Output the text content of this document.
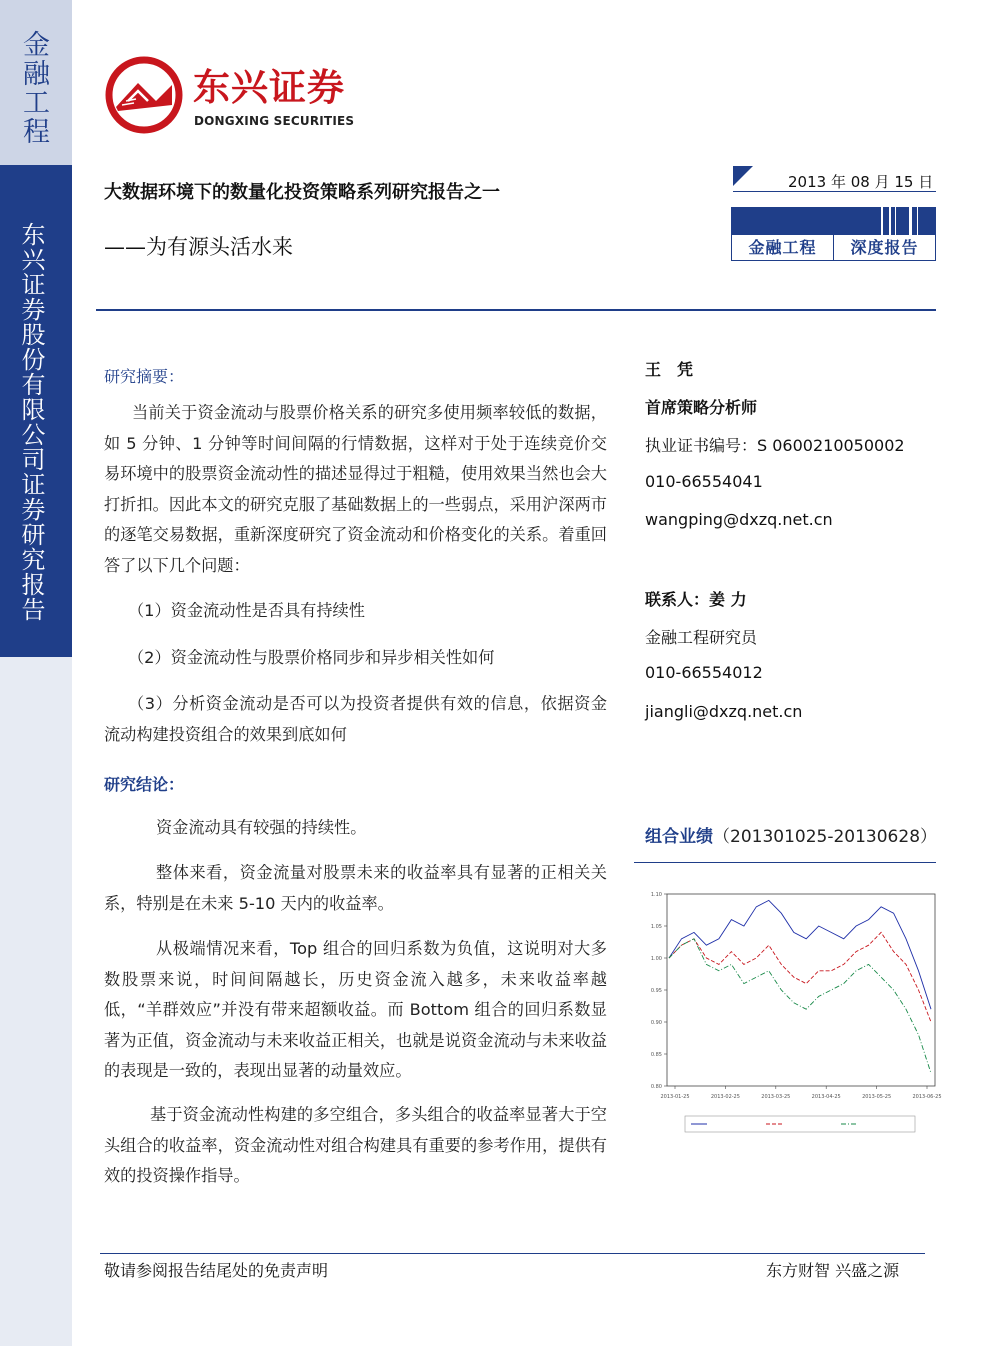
金融工程
东兴证券股份有限公司证券研究报告
东兴证券
DONGXING SECURITIES
大数据环境下的数量化投资策略系列研究报告之一
——为有源头活水来
2013 年 08 月 15 日
金融工程	深度报告
研究摘要：
当前关于资金流动与股票价格关系的研究多使用频率较低的数据，如 5 分钟、1 分钟等时间间隔的行情数据，这样对于处于连续竞价交易环境中的股票资金流动性的描述显得过于粗糙，使用效果当然也会大打折扣。因此本文的研究克服了基础数据上的一些弱点，采用沪深两市的逐笔交易数据，重新深度研究了资金流动和价格变化的关系。着重回答了以下几个问题：
（1）资金流动性是否具有持续性
（2）资金流动性与股票价格同步和异步相关性如何
（3）分析资金流动是否可以为投资者提供有效的信息，依据资金流动构建投资组合的效果到底如何
研究结论：
资金流动具有较强的持续性。
整体来看，资金流量对股票未来的收益率具有显著的正相关关系，特别是在未来 5-10 天内的收益率。
从极端情况来看，Top 组合的回归系数为负值，这说明对大多数股票来说，时间间隔越长，历史资金流入越多，未来收益率越低，“羊群效应”并没有带来超额收益。而 Bottom 组合的回归系数显著为正值，资金流动与未来收益正相关，也就是说资金流动与未来收益的表现是一致的，表现出显著的动量效应。
基于资金流动性构建的多空组合，多头组合的收益率显著大于空头组合的收益率，资金流动性对组合构建具有重要的参考作用，提供有效的投资操作指导。
王　凭
首席策略分析师
执业证书编号：S 0600210050002
010-66554041
wangping@dxzq.net.cn
联系人：姜 力
金融工程研究员
010-66554012
jiangli@dxzq.net.cn
组合业绩（201301025-20130628）
0.80
0.85
0.90
0.95
1.00
1.05
1.10
2013-01-25	2013-02-25	2013-03-25	2013-04-25	2013-05-25	2013-06-25
敬请参阅报告结尾处的免责声明	东方财智 兴盛之源
